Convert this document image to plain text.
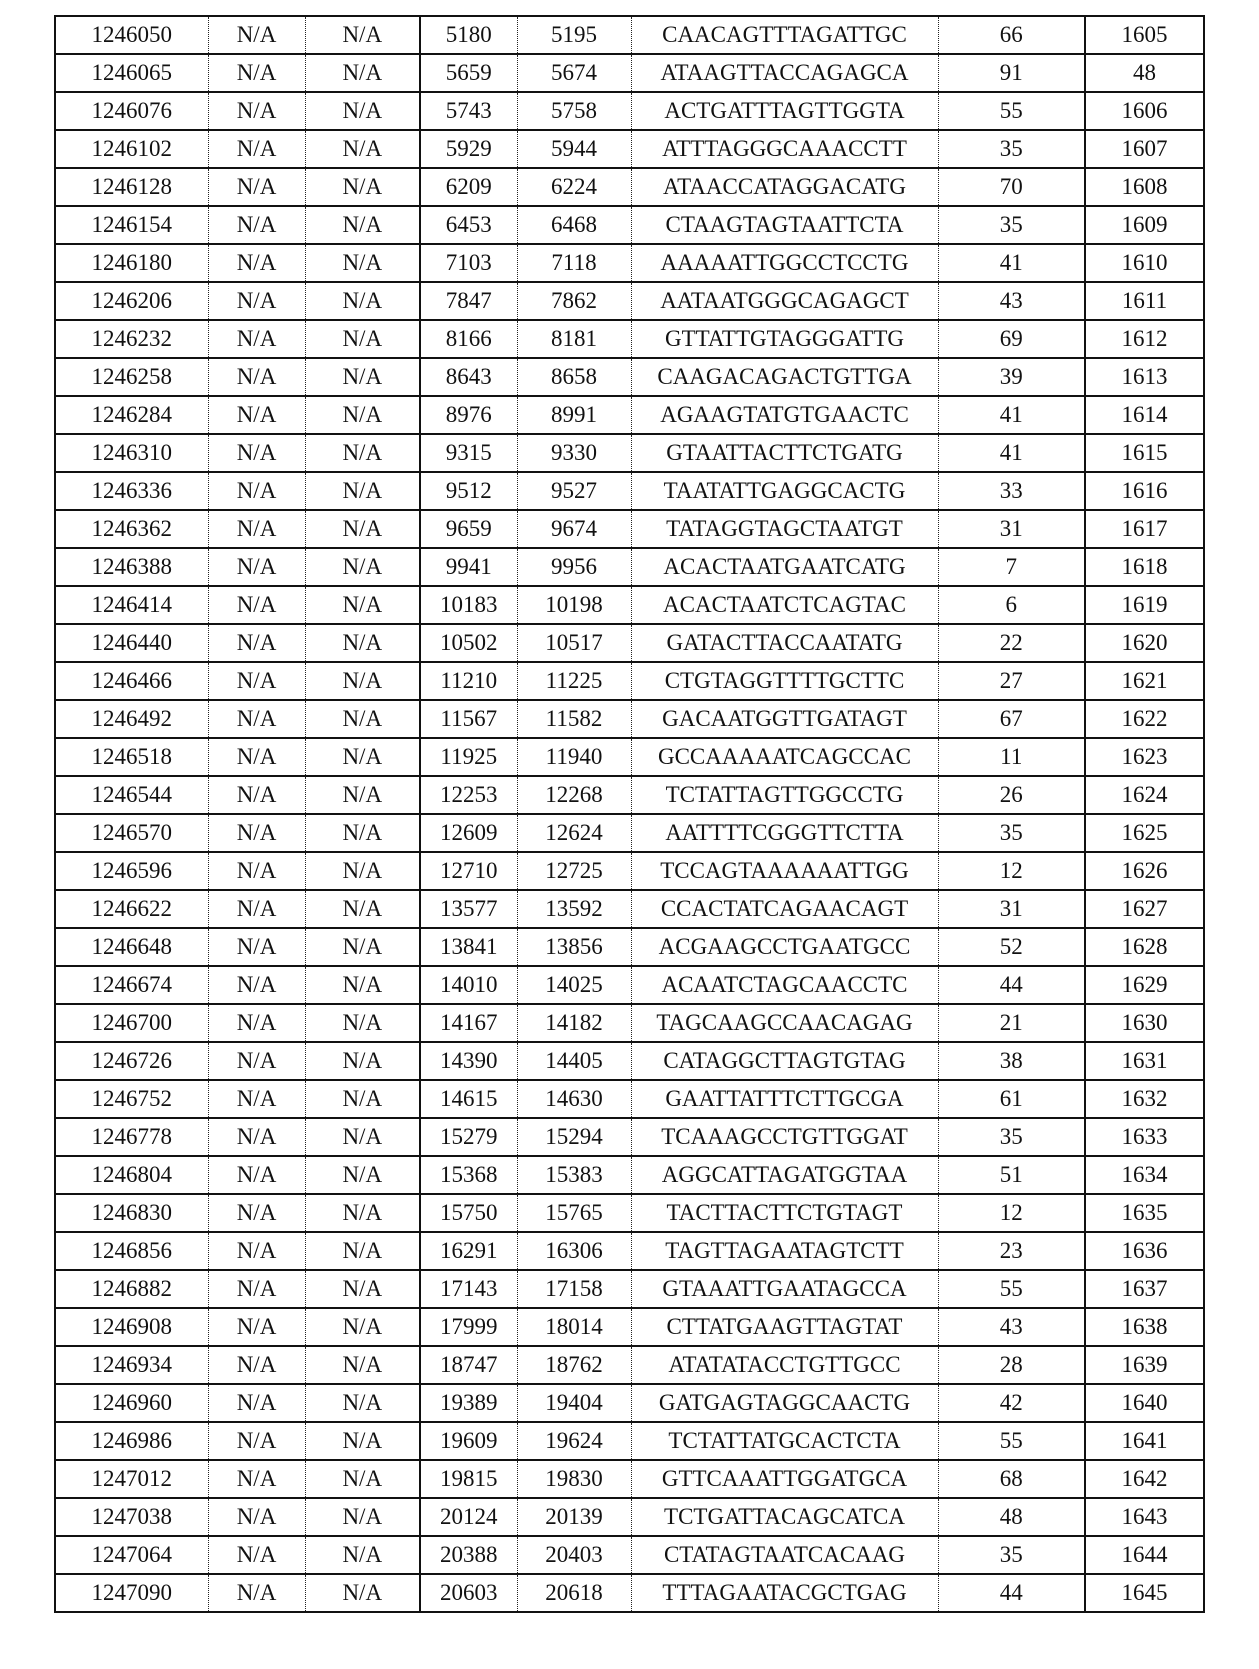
1246050	N/A	N/A	5180	5195	CAACAGTTTAGATTGC	66	1605
1246065	N/A	N/A	5659	5674	ATAAGTTACCAGAGCA	91	48
1246076	N/A	N/A	5743	5758	ACTGATTTAGTTGGTA	55	1606
1246102	N/A	N/A	5929	5944	ATTTAGGGCAAACCTT	35	1607
1246128	N/A	N/A	6209	6224	ATAACCATAGGACATG	70	1608
1246154	N/A	N/A	6453	6468	CTAAGTAGTAATTCTA	35	1609
1246180	N/A	N/A	7103	7118	AAAAATTGGCCTCCTG	41	1610
1246206	N/A	N/A	7847	7862	AATAATGGGCAGAGCT	43	1611
1246232	N/A	N/A	8166	8181	GTTATTGTAGGGATTG	69	1612
1246258	N/A	N/A	8643	8658	CAAGACAGACTGTTGA	39	1613
1246284	N/A	N/A	8976	8991	AGAAGTATGTGAACTC	41	1614
1246310	N/A	N/A	9315	9330	GTAATTACTTCTGATG	41	1615
1246336	N/A	N/A	9512	9527	TAATATTGAGGCACTG	33	1616
1246362	N/A	N/A	9659	9674	TATAGGTAGCTAATGT	31	1617
1246388	N/A	N/A	9941	9956	ACACTAATGAATCATG	7	1618
1246414	N/A	N/A	10183	10198	ACACTAATCTCAGTAC	6	1619
1246440	N/A	N/A	10502	10517	GATACTTACCAATATG	22	1620
1246466	N/A	N/A	11210	11225	CTGTAGGTTTTGCTTC	27	1621
1246492	N/A	N/A	11567	11582	GACAATGGTTGATAGT	67	1622
1246518	N/A	N/A	11925	11940	GCCAAAAATCAGCCAC	11	1623
1246544	N/A	N/A	12253	12268	TCTATTAGTTGGCCTG	26	1624
1246570	N/A	N/A	12609	12624	AATTTTCGGGTTCTTA	35	1625
1246596	N/A	N/A	12710	12725	TCCAGTAAAAAATTGG	12	1626
1246622	N/A	N/A	13577	13592	CCACTATCAGAACAGT	31	1627
1246648	N/A	N/A	13841	13856	ACGAAGCCTGAATGCC	52	1628
1246674	N/A	N/A	14010	14025	ACAATCTAGCAACCTC	44	1629
1246700	N/A	N/A	14167	14182	TAGCAAGCCAACAGAG	21	1630
1246726	N/A	N/A	14390	14405	CATAGGCTTAGTGTAG	38	1631
1246752	N/A	N/A	14615	14630	GAATTATTTCTTGCGA	61	1632
1246778	N/A	N/A	15279	15294	TCAAAGCCTGTTGGAT	35	1633
1246804	N/A	N/A	15368	15383	AGGCATTAGATGGTAA	51	1634
1246830	N/A	N/A	15750	15765	TACTTACTTCTGTAGT	12	1635
1246856	N/A	N/A	16291	16306	TAGTTAGAATAGTCTT	23	1636
1246882	N/A	N/A	17143	17158	GTAAATTGAATAGCCA	55	1637
1246908	N/A	N/A	17999	18014	CTTATGAAGTTAGTAT	43	1638
1246934	N/A	N/A	18747	18762	ATATATACCTGTTGCC	28	1639
1246960	N/A	N/A	19389	19404	GATGAGTAGGCAACTG	42	1640
1246986	N/A	N/A	19609	19624	TCTATTATGCACTCTA	55	1641
1247012	N/A	N/A	19815	19830	GTTCAAATTGGATGCA	68	1642
1247038	N/A	N/A	20124	20139	TCTGATTACAGCATCA	48	1643
1247064	N/A	N/A	20388	20403	CTATAGTAATCACAAG	35	1644
1247090	N/A	N/A	20603	20618	TTTAGAATACGCTGAG	44	1645
